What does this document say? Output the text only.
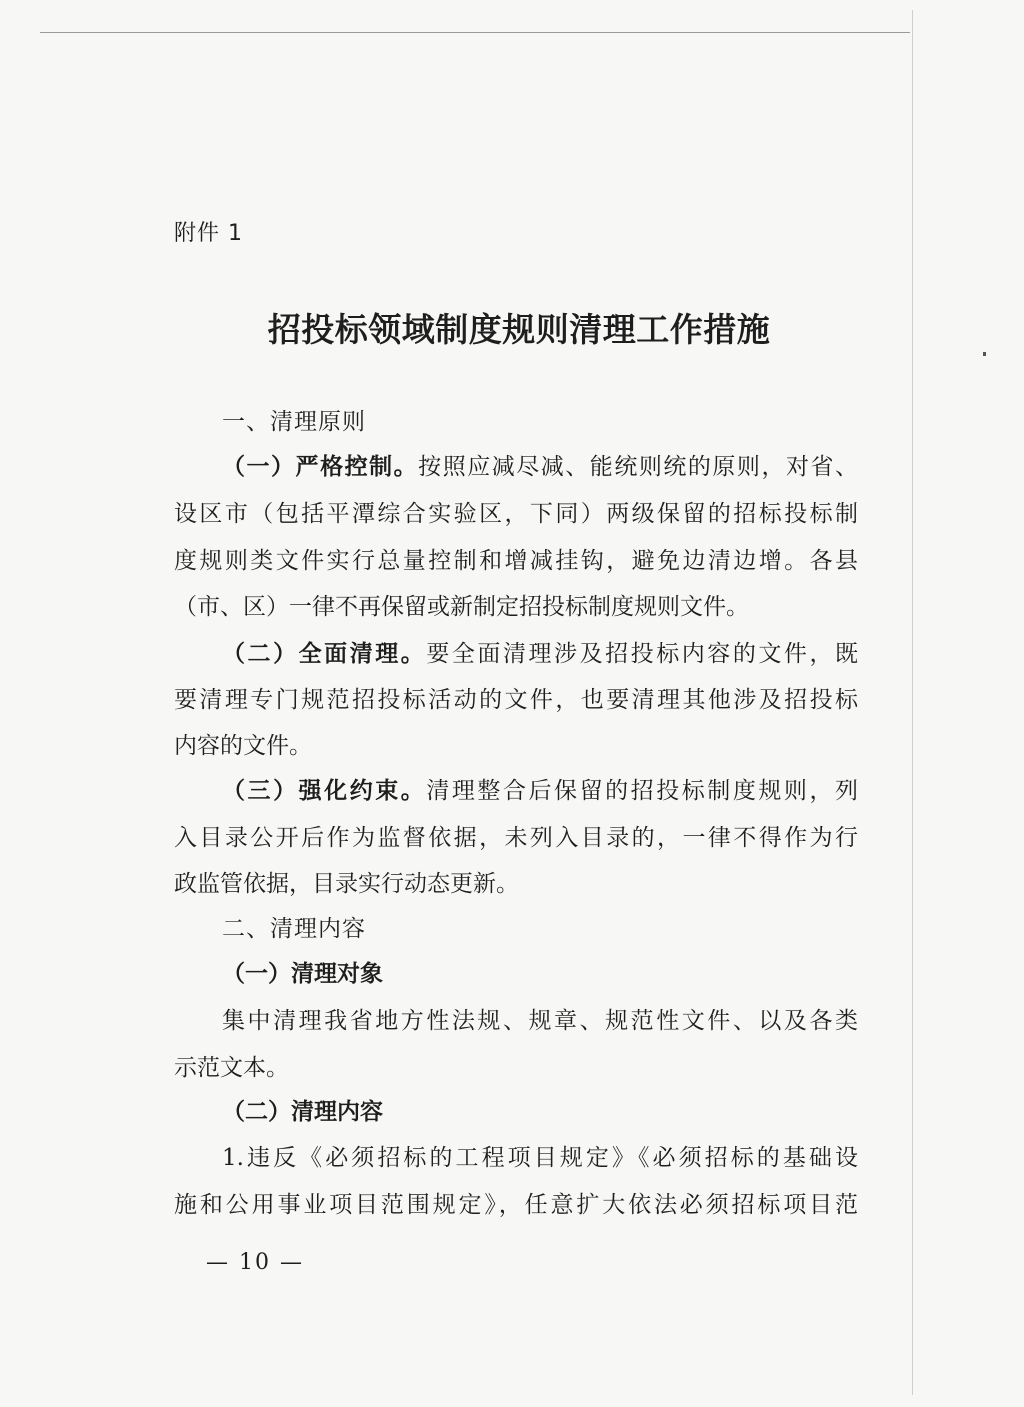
附件 1
招投标领域制度规则清理工作措施
一、清理原则
（一）严格控制。按照应减尽减、能统则统的原则，对省、
设区市（包括平潭综合实验区，下同）两级保留的招标投标制
度规则类文件实行总量控制和增减挂钩，避免边清边增。各县
（市、区）一律不再保留或新制定招投标制度规则文件。
（二）全面清理。要全面清理涉及招投标内容的文件，既
要清理专门规范招投标活动的文件，也要清理其他涉及招投标
内容的文件。
（三）强化约束。清理整合后保留的招投标制度规则，列
入目录公开后作为监督依据，未列入目录的，一律不得作为行
政监管依据，目录实行动态更新。
二、清理内容
（一）清理对象
集中清理我省地方性法规、规章、规范性文件、以及各类
示范文本。
（二）清理内容
1.违反《必须招标的工程项目规定》《必须招标的基础设
施和公用事业项目范围规定》，任意扩大依法必须招标项目范
— 10 —
